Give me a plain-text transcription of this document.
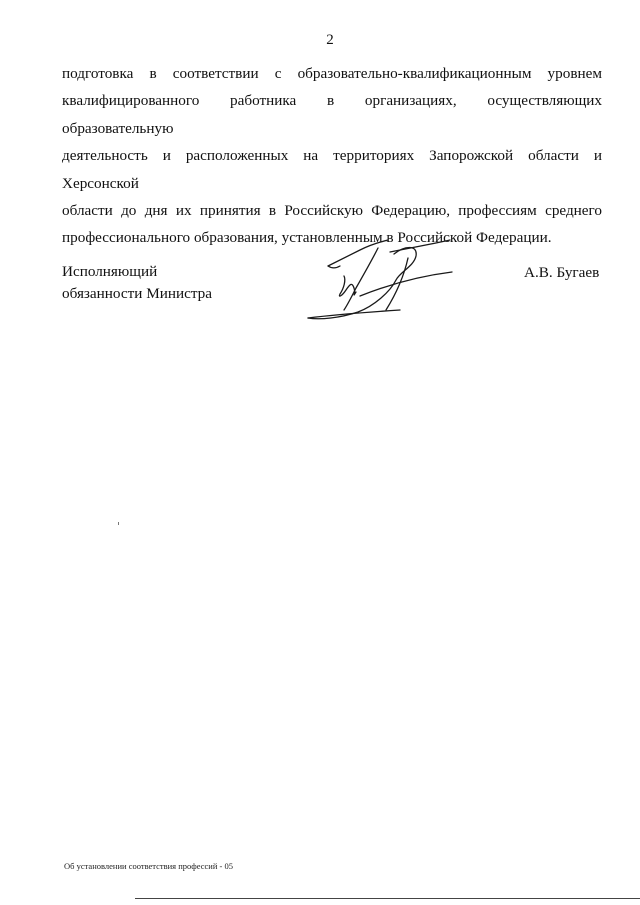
2
подготовка в соответствии с образовательно-квалификационным уровнем
квалифицированного работника в организациях, осуществляющих образовательную
деятельность и расположенных на территориях Запорожской области и Херсонской
области до дня их принятия в Российскую Федерацию, профессиям среднего
профессионального образования, установленным в Российской Федерации.
Исполняющий
обязанности Министра
А.В. Бугаев
Об установлении соответствия профессий - 05
